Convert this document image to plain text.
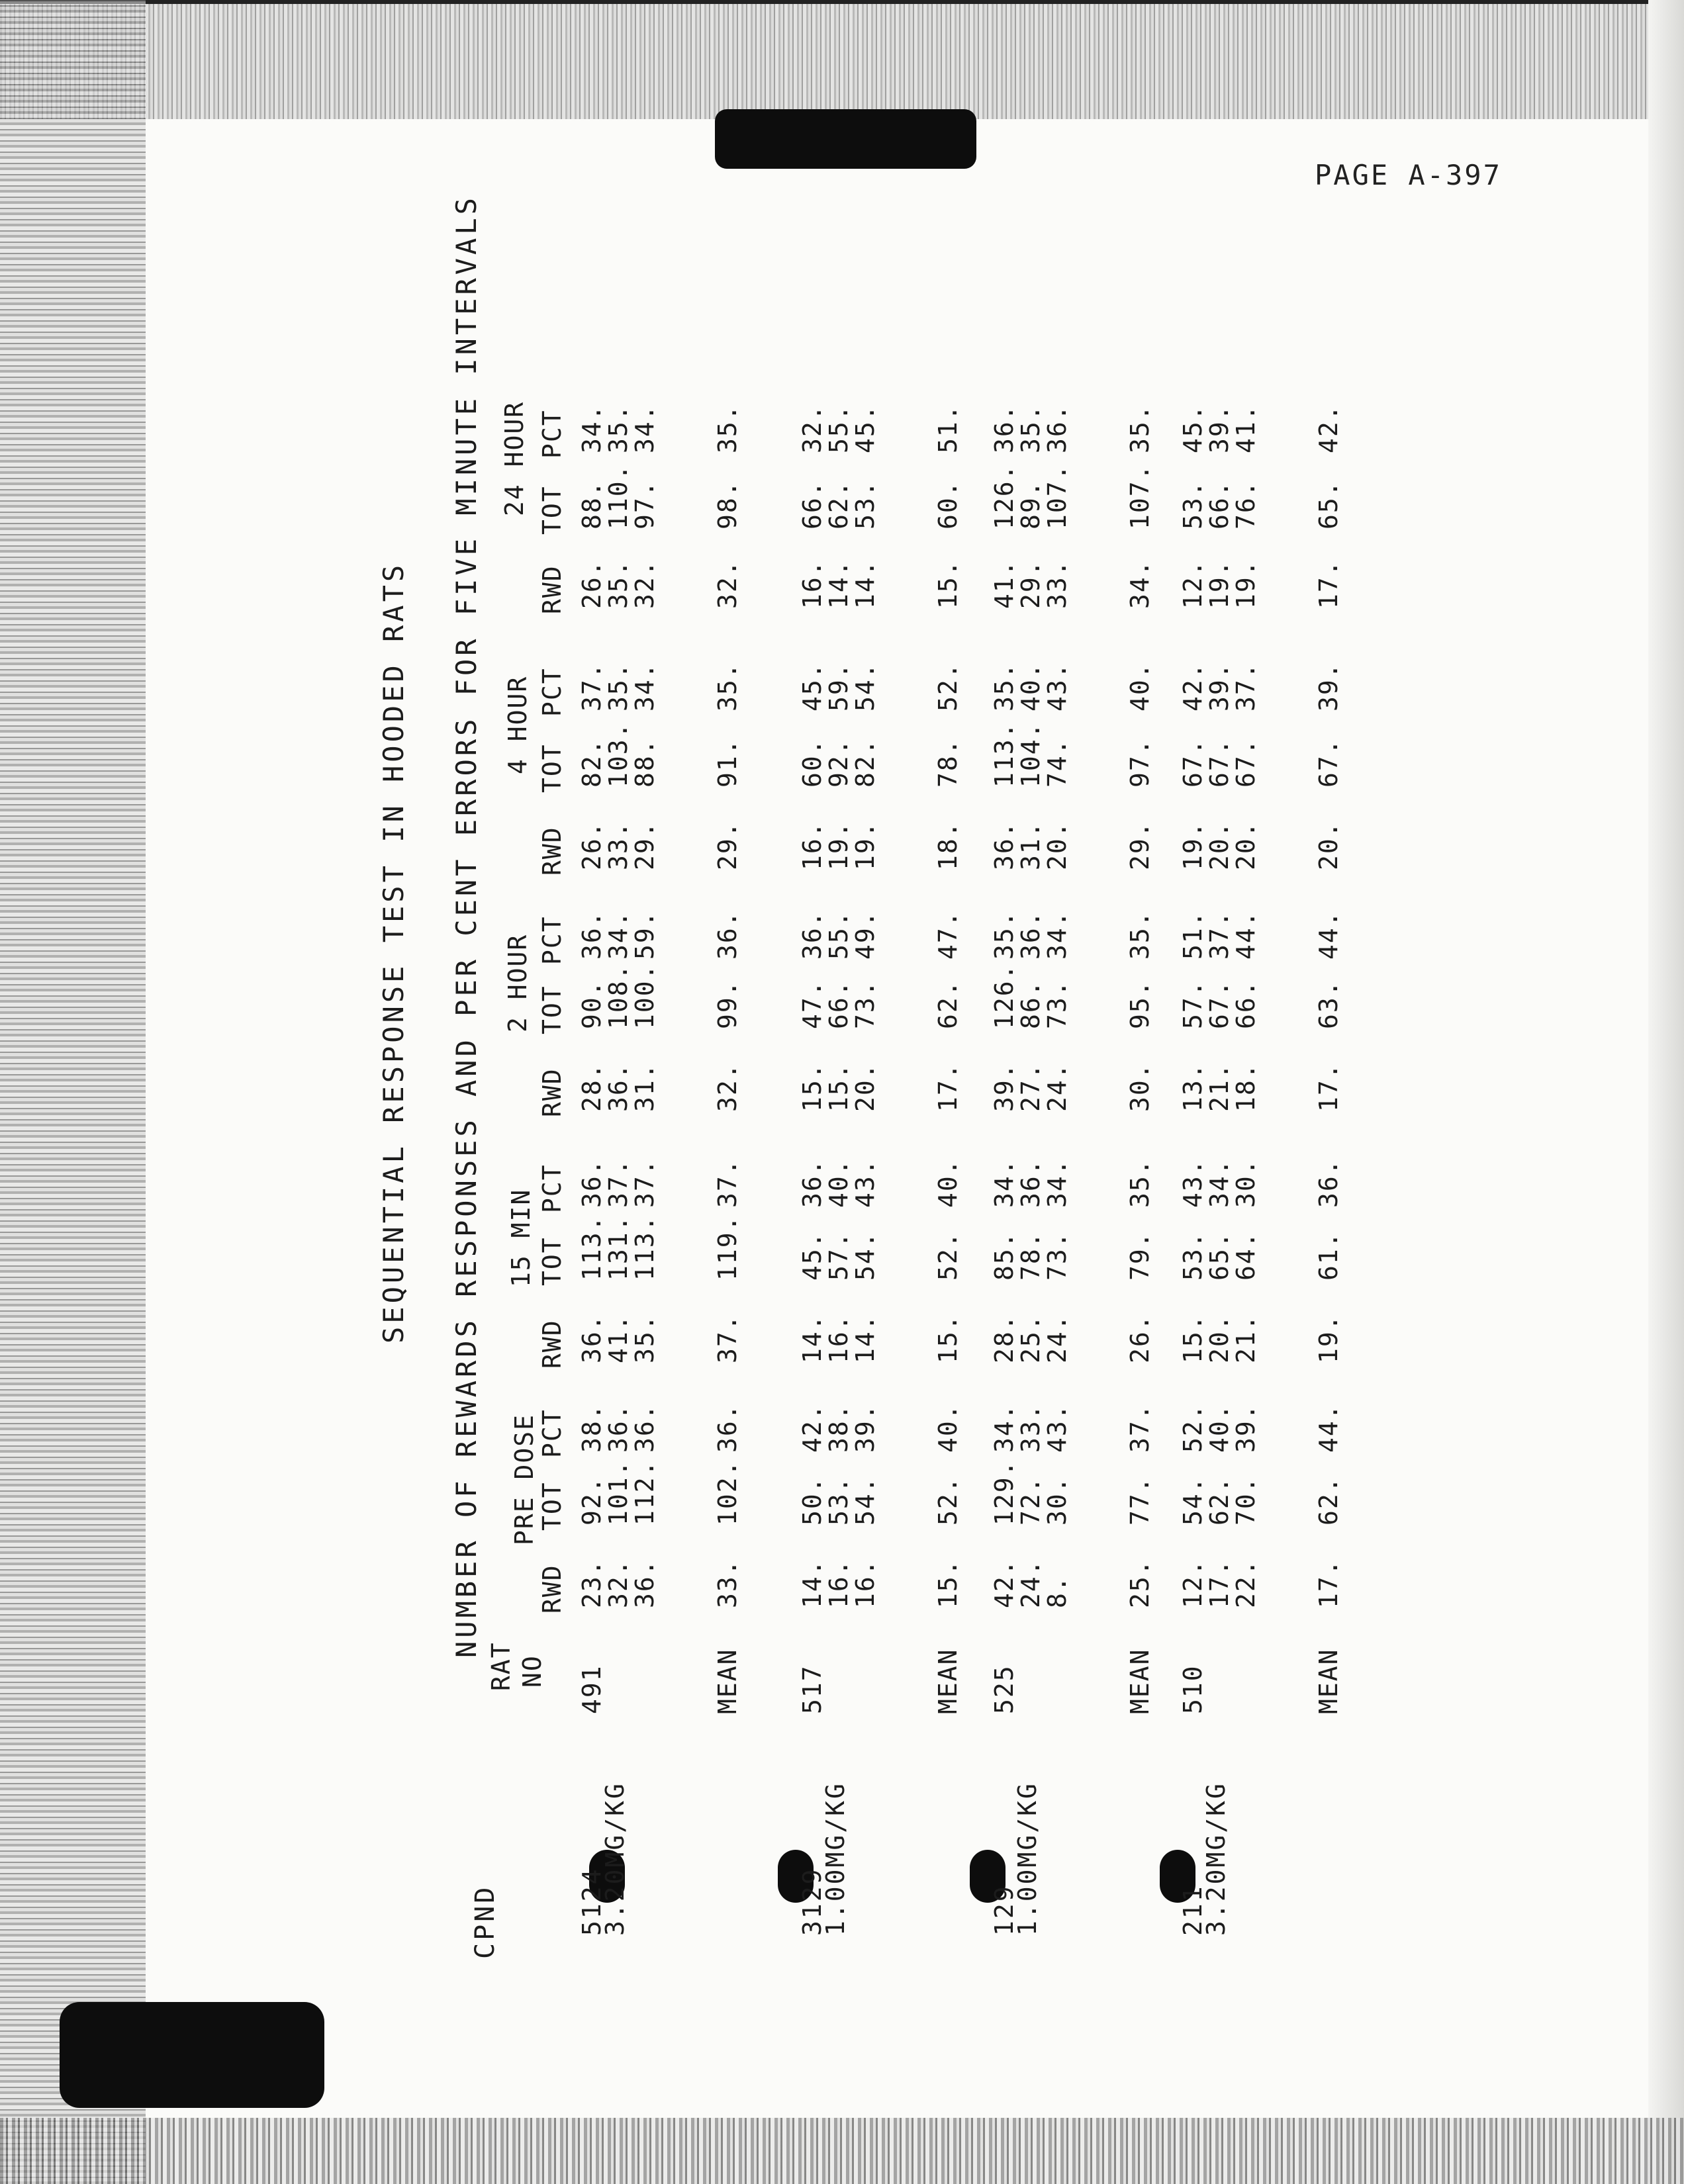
PAGE A-397
SEQUENTIAL RESPONSE TEST IN HOODED RATS NUMBER OF REWARDS RESPONSES AND PER CENT ERRORS FOR FIVE MINUTE INTERVALS
CPND
RAT NO
PRE DOSE
15 MIN
2 HOUR
4 HOUR
24 HOUR
RWD
TOT
PCT
RWD
TOT
PCT
RWD
TOT
PCT
RWD
TOT
PCT
RWD
TOT
PCT
5124
3.20MG/KG
491
23.
92.
38.
36.
113.
36.
28.
90.
36.
26.
82.
37.
26.
88.
34.
32.
101.
36.
41.
131.
37.
36.
108.
34.
33.
103.
35.
35.
110.
35.
36.
112.
36.
35.
113.
37.
31.
100.
59.
29.
88.
34.
32.
97.
34.
MEAN
33.
102.
36.
37.
119.
37.
32.
99.
36.
29.
91.
35.
32.
98.
35.
3129
1.00MG/KG
517
14.
50.
42.
14.
45.
36.
15.
47.
36.
16.
60.
45.
16.
66.
32.
16.
53.
38.
16.
57.
40.
15.
66.
55.
19.
92.
59.
14.
62.
55.
16.
54.
39.
14.
54.
43.
20.
73.
49.
19.
82.
54.
14.
53.
45.
MEAN
15.
52.
40.
15.
52.
40.
17.
62.
47.
18.
78.
52.
15.
60.
51.
129
1.00MG/KG
525
42.
129.
34.
28.
85.
34.
39.
126.
35.
36.
113.
35.
41.
126.
36.
24.
72.
33.
25.
78.
36.
27.
86.
36.
31.
104.
40.
29.
89.
35.
8.
30.
43.
24.
73.
34.
24.
73.
34.
20.
74.
43.
33.
107.
36.
MEAN
25.
77.
37.
26.
79.
35.
30.
95.
35.
29.
97.
40.
34.
107.
35.
211
3.20MG/KG
510
12.
54.
52.
15.
53.
43.
13.
57.
51.
19.
67.
42.
12.
53.
45.
17.
62.
40.
20.
65.
34.
21.
67.
37.
20.
67.
39.
19.
66.
39.
22.
70.
39.
21.
64.
30.
18.
66.
44.
20.
67.
37.
19.
76.
41.
MEAN
17.
62.
44.
19.
61.
36.
17.
63.
44.
20.
67.
39.
17.
65.
42.
